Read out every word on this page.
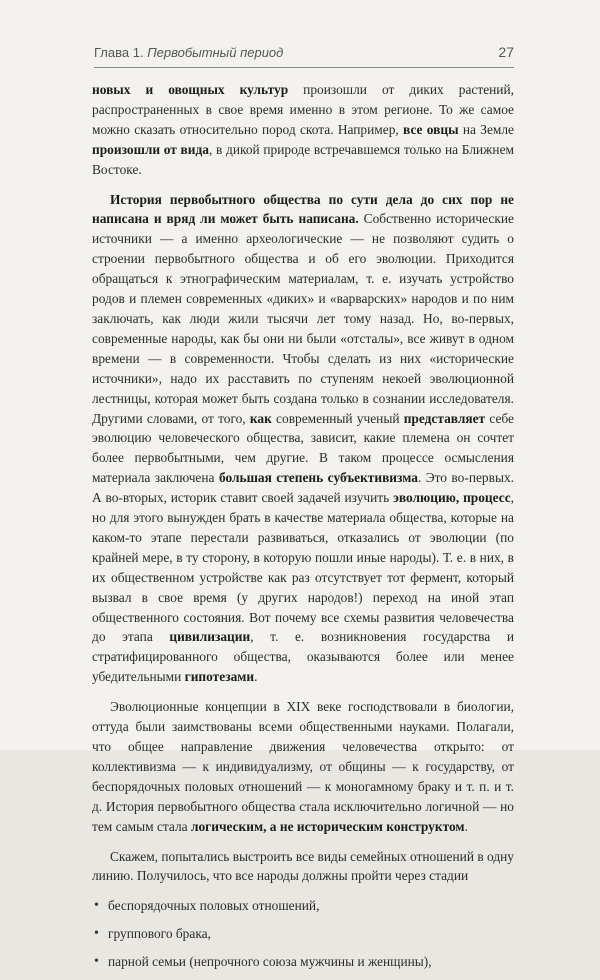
Глава 1. Первобытный период	27

новых и овощных культур произошли от диких растений, распространенных в свое время именно в этом регионе. То же самое можно сказать относительно пород скота. Например, все овцы на Земле произошли от вида, в дикой природе встречавшемся только на Ближнем Востоке.

История первобытного общества по сути дела до сих пор не написана и вряд ли может быть написана. Собственно исторические источники — а именно археологические — не позволяют судить о строении первобытного общества и об его эволюции. Приходится обращаться к этнографическим материалам, т. е. изучать устройство родов и племен современных «диких» и «варварских» народов и по ним заключать, как люди жили тысячи лет тому назад. Но, во-первых, современные народы, как бы они ни были «отсталы», все живут в одном времени — в современности. Чтобы сделать из них «исторические источники», надо их расставить по ступеням некоей эволюционной лестницы, которая может быть создана только в сознании исследователя. Другими словами, от того, как современный ученый представляет себе эволюцию человеческого общества, зависит, какие племена он сочтет более первобытными, чем другие. В таком процессе осмысления материала заключена большая степень субъективизма. Это во-первых. А во-вторых, историк ставит своей задачей изучить эволюцию, процесс, но для этого вынужден брать в качестве материала общества, которые на каком-то этапе перестали развиваться, отказались от эволюции (по крайней мере, в ту сторону, в которую пошли иные народы). Т. е. в них, в их общественном устройстве как раз отсутствует тот фермент, который вызвал в свое время (у других народов!) переход на иной этап общественного состояния. Вот почему все схемы развития человечества до этапа цивилизации, т. е. возникновения государства и стратифицированного общества, оказываются более или менее убедительными гипотезами.

Эволюционные концепции в XIX веке господствовали в биологии, оттуда были заимствованы всеми общественными науками. Полагали, что общее направление движения человечества открыто: от коллективизма — к индивидуализму, от общины — к государству, от беспорядочных половых отношений — к моногамному браку и т. п. и т. д. История первобытного общества стала исключительно логичной — но тем самым стала логическим, а не историческим конструктом.

Скажем, попытались выстроить все виды семейных отношений в одну линию. Получилось, что все народы должны пройти через стадии

• беспорядочных половых отношений,
• группового брака,
• парной семьи (непрочного союза мужчины и женщины),
